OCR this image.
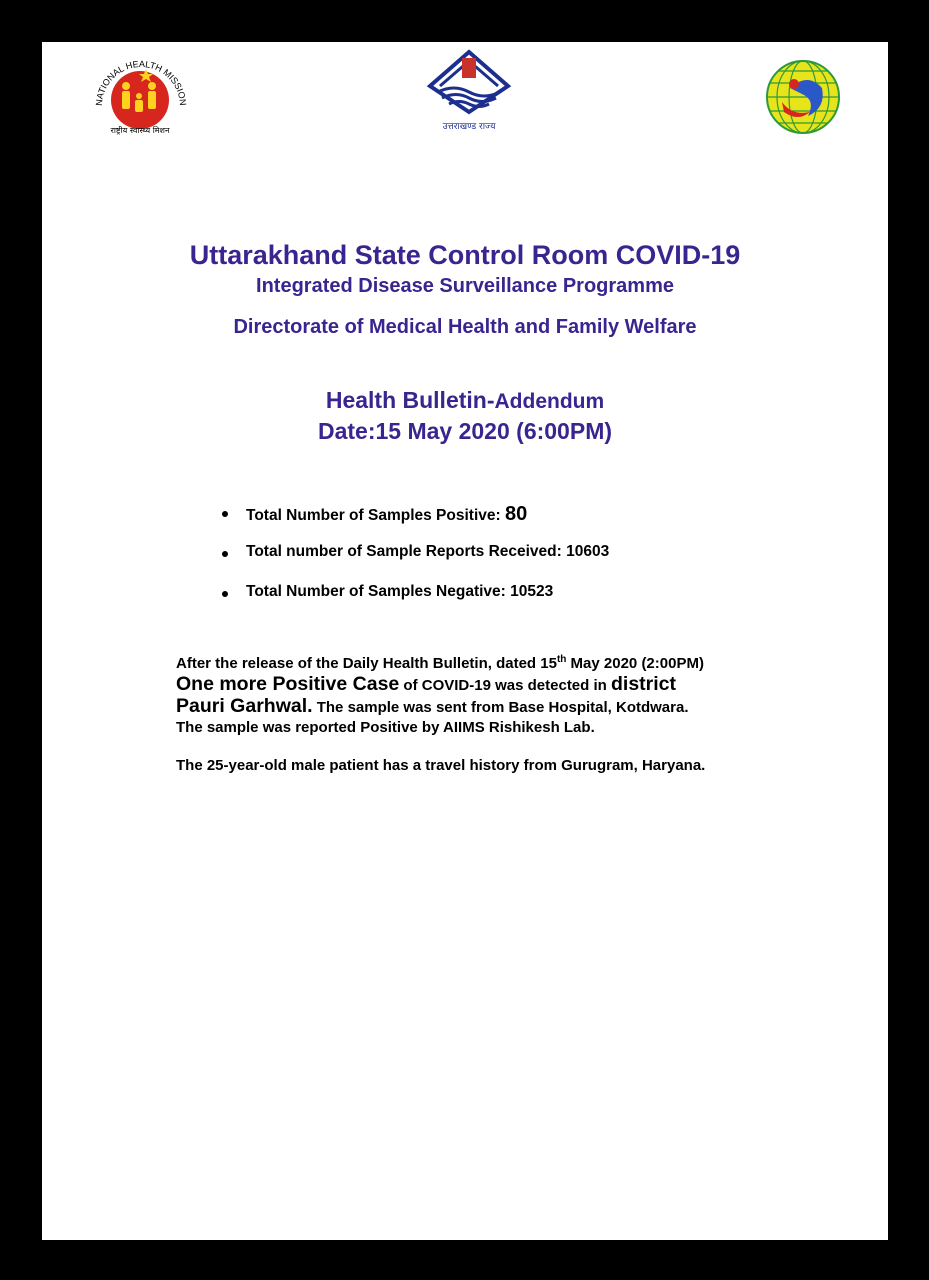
NATIONAL HEALTH MISSION
राष्ट्रीय स्वास्थ्य मिशन	उत्तराखण्ड राज्य
Uttarakhand State Control Room COVID-19
Integrated Disease Surveillance Programme
Directorate of Medical Health and Family Welfare
Health Bulletin-Addendum
Date:15 May 2020 (6:00PM)
Total Number of Samples Positive: 80
Total number of Sample Reports Received: 10603
Total Number of Samples Negative: 10523

After the release of the Daily Health Bulletin, dated 15th May 2020 (2:00PM)
One more Positive Case of COVID-19 was detected in district
Pauri Garhwal. The sample was sent from Base Hospital, Kotdwara.
The sample was reported Positive by AIIMS Rishikesh Lab.

The 25-year-old male patient has a travel history from Gurugram, Haryana.
